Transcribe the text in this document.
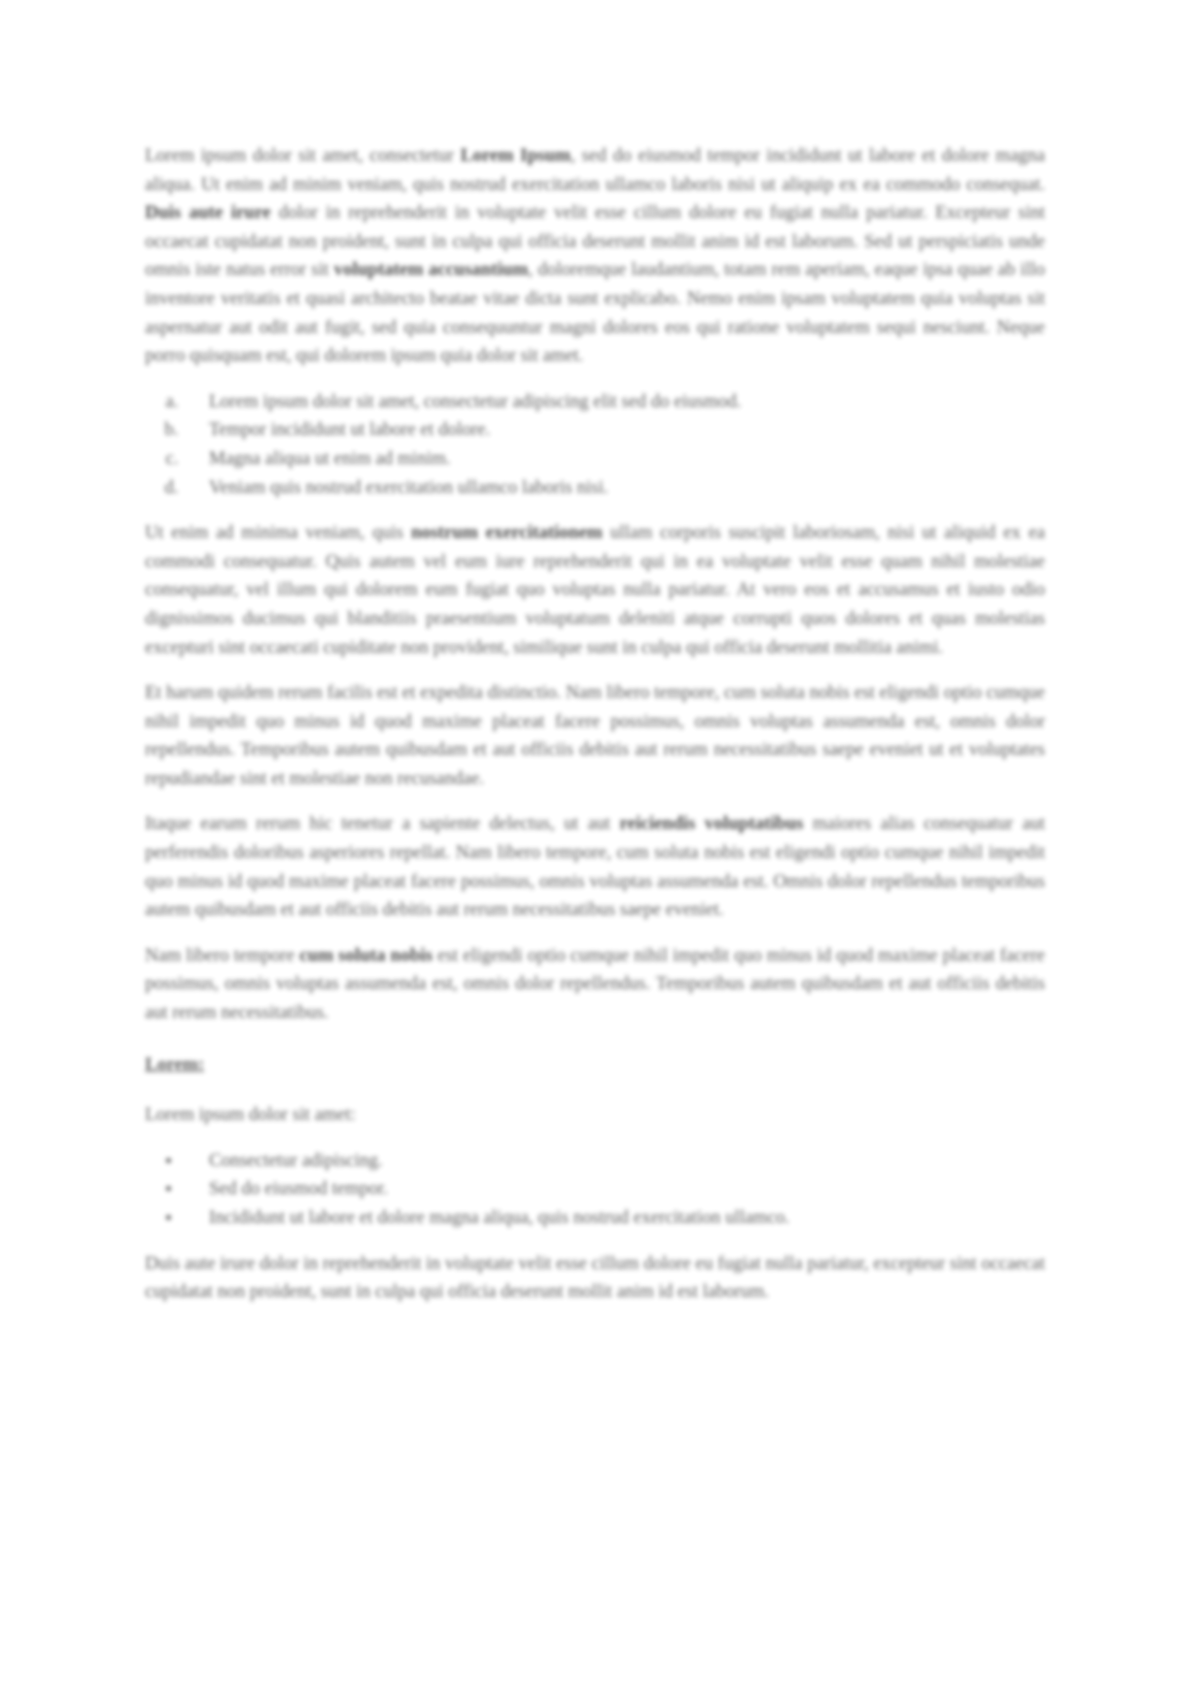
Lorem ipsum dolor sit amet, consectetur Lorem Ipsum, sed do eiusmod tempor incididunt ut labore et dolore magna aliqua. Ut enim ad minim veniam, quis nostrud exercitation ullamco laboris nisi ut aliquip ex ea commodo consequat. Duis aute irure dolor in reprehenderit in voluptate velit esse cillum dolore eu fugiat nulla pariatur. Excepteur sint occaecat cupidatat non proident, sunt in culpa qui officia deserunt mollit anim id est laborum. Sed ut perspiciatis unde omnis iste natus error sit voluptatem accusantium, doloremque laudantium, totam rem aperiam, eaque ipsa quae ab illo inventore veritatis et quasi architecto beatae vitae dicta sunt explicabo. Nemo enim ipsam voluptatem quia voluptas sit aspernatur aut odit aut fugit, sed quia consequuntur magni dolores eos qui ratione voluptatem sequi nesciunt. Neque porro quisquam est, qui dolorem ipsum quia dolor sit amet.

a. Lorem ipsum dolor sit amet, consectetur adipiscing elit sed do eiusmod.
b. Tempor incididunt ut labore et dolore.
c. Magna aliqua ut enim ad minim.
d. Veniam quis nostrud exercitation ullamco laboris nisi.

Ut enim ad minima veniam, quis nostrum exercitationem ullam corporis suscipit laboriosam, nisi ut aliquid ex ea commodi consequatur. Quis autem vel eum iure reprehenderit qui in ea voluptate velit esse quam nihil molestiae consequatur, vel illum qui dolorem eum fugiat quo voluptas nulla pariatur. At vero eos et accusamus et iusto odio dignissimos ducimus qui blanditiis praesentium voluptatum deleniti atque corrupti quos dolores et quas molestias excepturi sint occaecati cupiditate non provident, similique sunt in culpa qui officia deserunt mollitia animi.

Et harum quidem rerum facilis est et expedita distinctio. Nam libero tempore, cum soluta nobis est eligendi optio cumque nihil impedit quo minus id quod maxime placeat facere possimus, omnis voluptas assumenda est, omnis dolor repellendus. Temporibus autem quibusdam et aut officiis debitis aut rerum necessitatibus saepe eveniet ut et voluptates repudiandae sint et molestiae non recusandae.

Itaque earum rerum hic tenetur a sapiente delectus, ut aut reiciendis voluptatibus maiores alias consequatur aut perferendis doloribus asperiores repellat. Nam libero tempore, cum soluta nobis est eligendi optio cumque nihil impedit quo minus id quod maxime placeat facere possimus, omnis voluptas assumenda est. Omnis dolor repellendus temporibus autem quibusdam et aut officiis debitis aut rerum necessitatibus saepe eveniet.

Nam libero tempore cum soluta nobis est eligendi optio cumque nihil impedit quo minus id quod maxime placeat facere possimus, omnis voluptas assumenda est, omnis dolor repellendus. Temporibus autem quibusdam et aut officiis debitis aut rerum necessitatibus.

Lorem:

Lorem ipsum dolor sit amet:

• Consectetur adipiscing.
• Sed do eiusmod tempor.
• Incididunt ut labore et dolore magna aliqua, quis nostrud exercitation ullamco.

Duis aute irure dolor in reprehenderit in voluptate velit esse cillum dolore eu fugiat nulla pariatur, excepteur sint occaecat cupidatat non proident, sunt in culpa qui officia deserunt mollit anim id est laborum.
